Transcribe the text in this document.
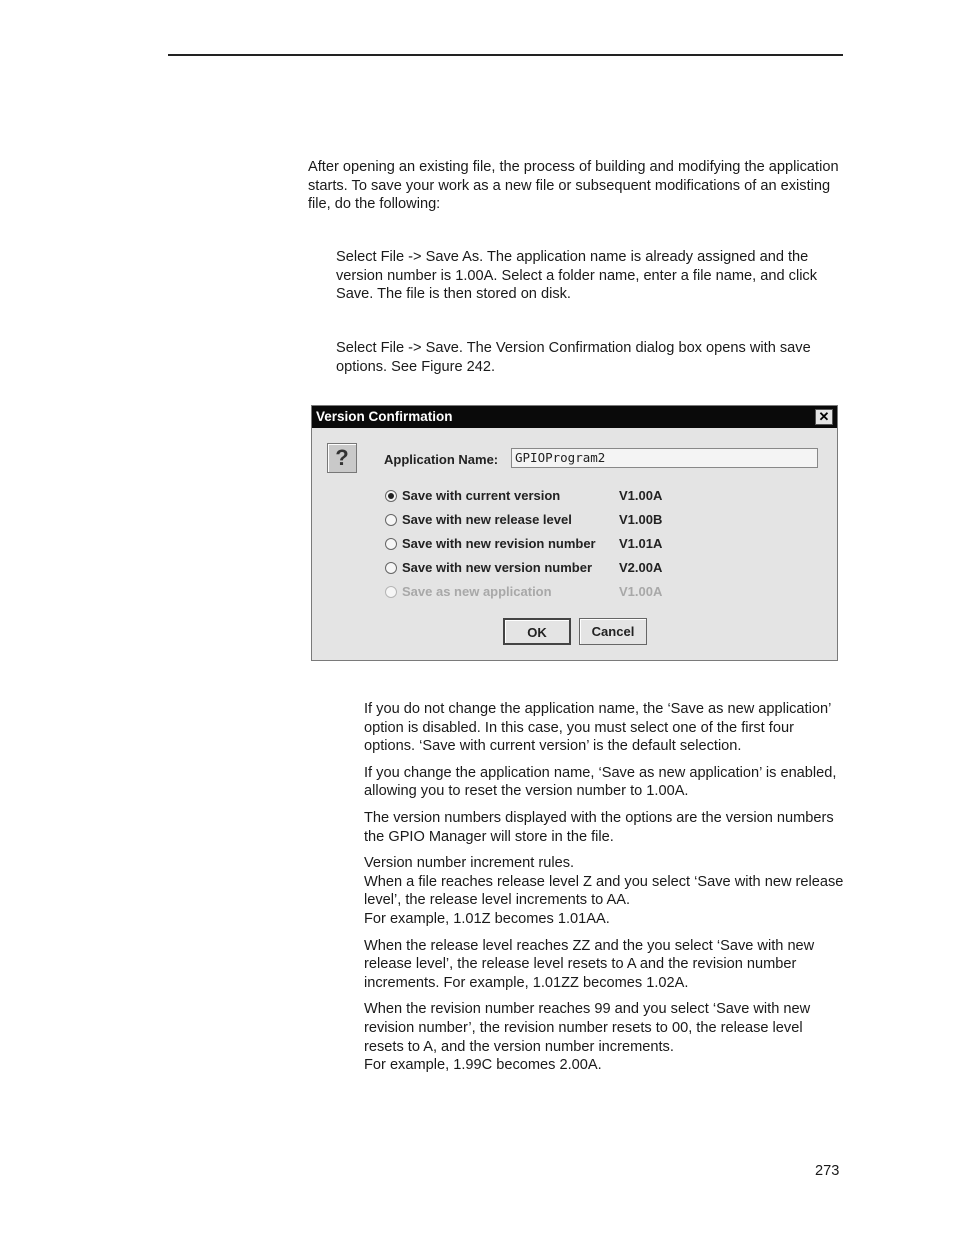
After opening an existing file, the process of building and modifying the application starts. To save your work as a new file or subsequent modifications of an existing file, do the following:

Select File -> Save As. The application name is already assigned and the version number is 1.00A. Select a folder name, enter a file name, and click Save. The file is then stored on disk.

Select File -> Save. The Version Confirmation dialog box opens with save options. See Figure 242.

Version Confirmation	✕
?	Application Name:	GPIOProgram2
Save with current version	V1.00A
Save with new release level	V1.00B
Save with new revision number V1.01A
Save with new version number V2.00A
Save as new application	V1.00A
OK	Cancel

If you do not change the application name, the ‘Save as new application’ option is disabled. In this case, you must select one of the first four options. ‘Save with current version’ is the default selection.

If you change the application name, ‘Save as new application’ is enabled, allowing you to reset the version number to 1.00A.

The version numbers displayed with the options are the version numbers the GPIO Manager will store in the file.

Version number increment rules.
When a file reaches release level Z and you select ‘Save with new release level’, the release level increments to AA.
For example, 1.01Z becomes 1.01AA.

When the release level reaches ZZ and the you select ‘Save with new release level’, the release level resets to A and the revision number increments. For example, 1.01ZZ becomes 1.02A.

When the revision number reaches 99 and you select ‘Save with new revision number’, the revision number resets to 00, the release level resets to A, and the version number increments.
For example, 1.99C becomes 2.00A.

273
